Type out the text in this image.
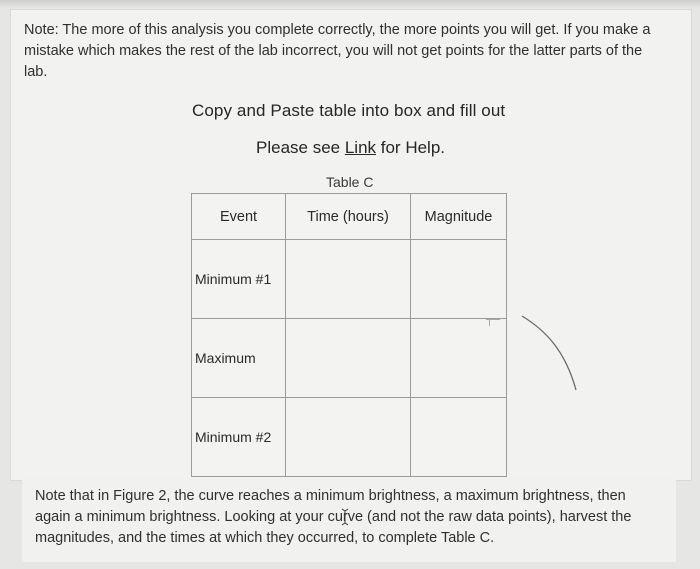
Note: The more of this analysis you complete correctly, the more points you will get. If you make a mistake which makes the rest of the lab incorrect, you will not get points for the latter parts of the lab.

Copy and Paste table into box and fill out

Please see Link for Help.

Table C
Event	Time (hours)	Magnitude
Minimum #1		
Maximum		
Minimum #2		

Note that in Figure 2, the curve reaches a minimum brightness, a maximum brightness, then again a minimum brightness. Looking at your curve (and not the raw data points), harvest the magnitudes, and the times at which they occurred, to complete Table C.
